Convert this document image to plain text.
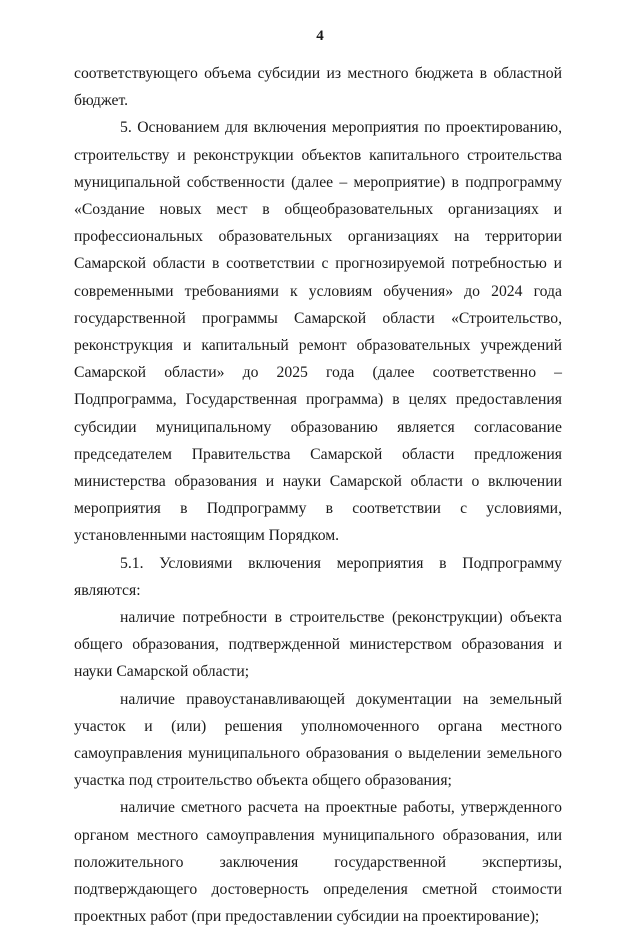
4

соответствующего объема субсидии из местного бюджета в областной бюджет.

5. Основанием для включения мероприятия по проектированию, строительству и реконструкции объектов капитального строительства муниципальной собственности (далее – мероприятие) в подпрограмму «Создание новых мест в общеобразовательных организациях и профессиональных образовательных организациях на территории Самарской области в соответствии с прогнозируемой потребностью и современными требованиями к условиям обучения» до 2024 года государственной программы Самарской области «Строительство, реконструкция и капитальный ремонт образовательных учреждений Самарской области» до 2025 года (далее соответственно – Подпрограмма, Государственная программа) в целях предоставления субсидии муниципальному образованию является согласование председателем Правительства Самарской области предложения министерства образования и науки Самарской области о включении мероприятия в Подпрограмму в соответствии с условиями, установленными настоящим Порядком.

5.1. Условиями включения мероприятия в Подпрограмму являются:

наличие потребности в строительстве (реконструкции) объекта общего образования, подтвержденной министерством образования и науки Самарской области;

наличие правоустанавливающей документации на земельный участок и (или) решения уполномоченного органа местного самоуправления муниципального образования о выделении земельного участка под строительство объекта общего образования;

наличие сметного расчета на проектные работы, утвержденного органом местного самоуправления муниципального образования, или положительного заключения государственной экспертизы, подтверждающего достоверность определения сметной стоимости проектных работ (при предоставлении субсидии на проектирование);
